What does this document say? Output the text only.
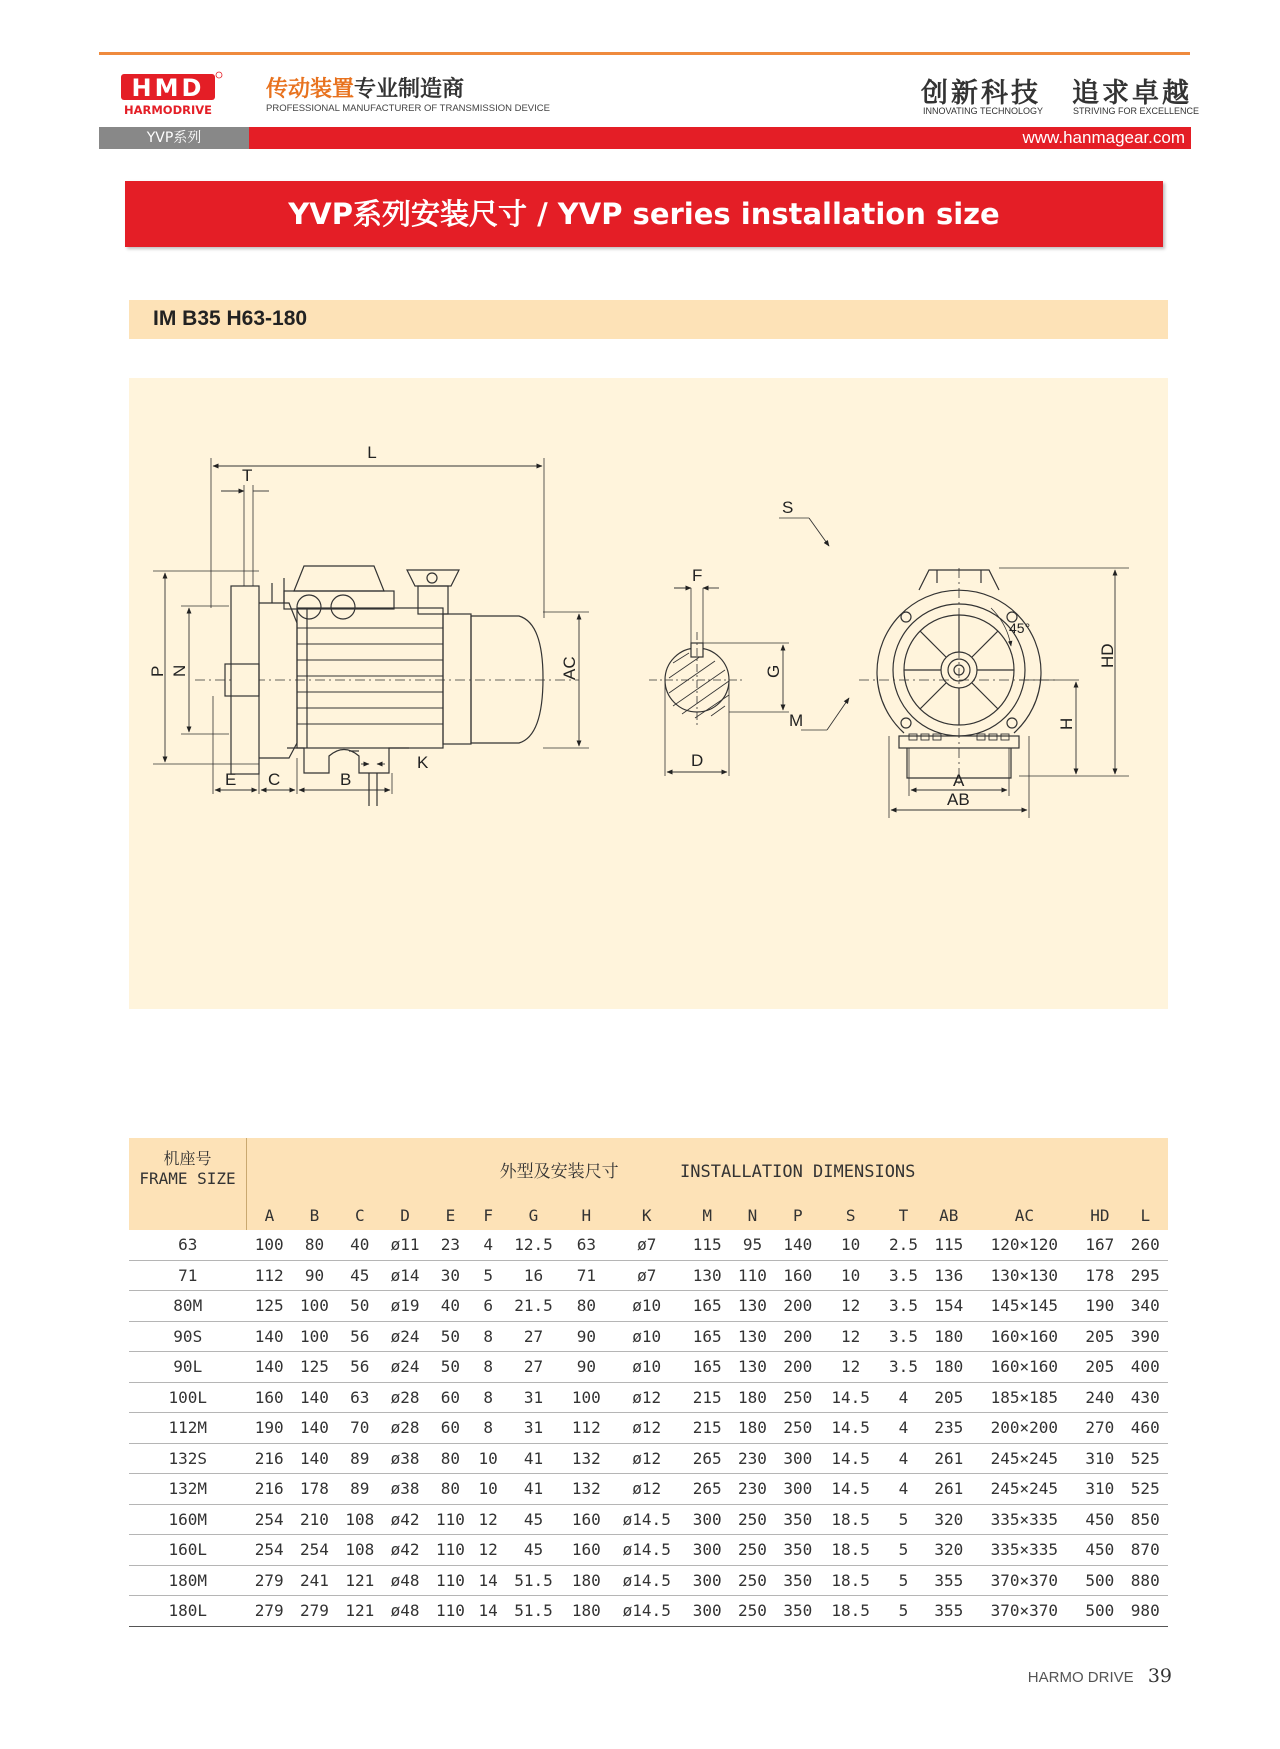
HMD
HARMODRIVE
传动装置专业制造商
PROFESSIONAL MANUFACTURER OF TRANSMISSION DEVICE	创新科技
INNOVATING TECHNOLOGY
追求卓越
STRIVING FOR EXCELLENCE
YVP系列	www.hanmagear.com
YVP系列安装尺寸 / YVP series installation size
IM B35 H63-180
L
T
P N	AC
E C	B
K
F
G
D
S
M
45°
H
HD
A
AB
机座号
FRAME SIZE	外型及安装尺寸 INSTALLATION DIMENSIONS																	
	A	B	C	D	E	F	G	H	K	M	N	P	S	T	AB	AC	HD	L
63	100	80	40	ø11	23	4	12.5	63	ø7	115	95	140	10	2.5	115	120×120	167	260
71	112	90	45	ø14	30	5	16	71	ø7	130	110	160	10	3.5	136	130×130	178	295
80M	125	100	50	ø19	40	6	21.5	80	ø10	165	130	200	12	3.5	154	145×145	190	340
90S	140	100	56	ø24	50	8	27	90	ø10	165	130	200	12	3.5	180	160×160	205	390
90L	140	125	56	ø24	50	8	27	90	ø10	165	130	200	12	3.5	180	160×160	205	400
100L	160	140	63	ø28	60	8	31	100	ø12	215	180	250	14.5	4	205	185×185	240	430
112M	190	140	70	ø28	60	8	31	112	ø12	215	180	250	14.5	4	235	200×200	270	460
132S	216	140	89	ø38	80	10	41	132	ø12	265	230	300	14.5	4	261	245×245	310	525
132M	216	178	89	ø38	80	10	41	132	ø12	265	230	300	14.5	4	261	245×245	310	525
160M	254	210	108	ø42	110	12	45	160	ø14.5	300	250	350	18.5	5	320	335×335	450	850
160L	254	254	108	ø42	110	12	45	160	ø14.5	300	250	350	18.5	5	320	335×335	450	870
180M	279	241	121	ø48	110	14	51.5	180	ø14.5	300	250	350	18.5	5	355	370×370	500	880
180L	279	279	121	ø48	110	14	51.5	180	ø14.5	300	250	350	18.5	5	355	370×370	500	980
HARMO DRIVE 39
